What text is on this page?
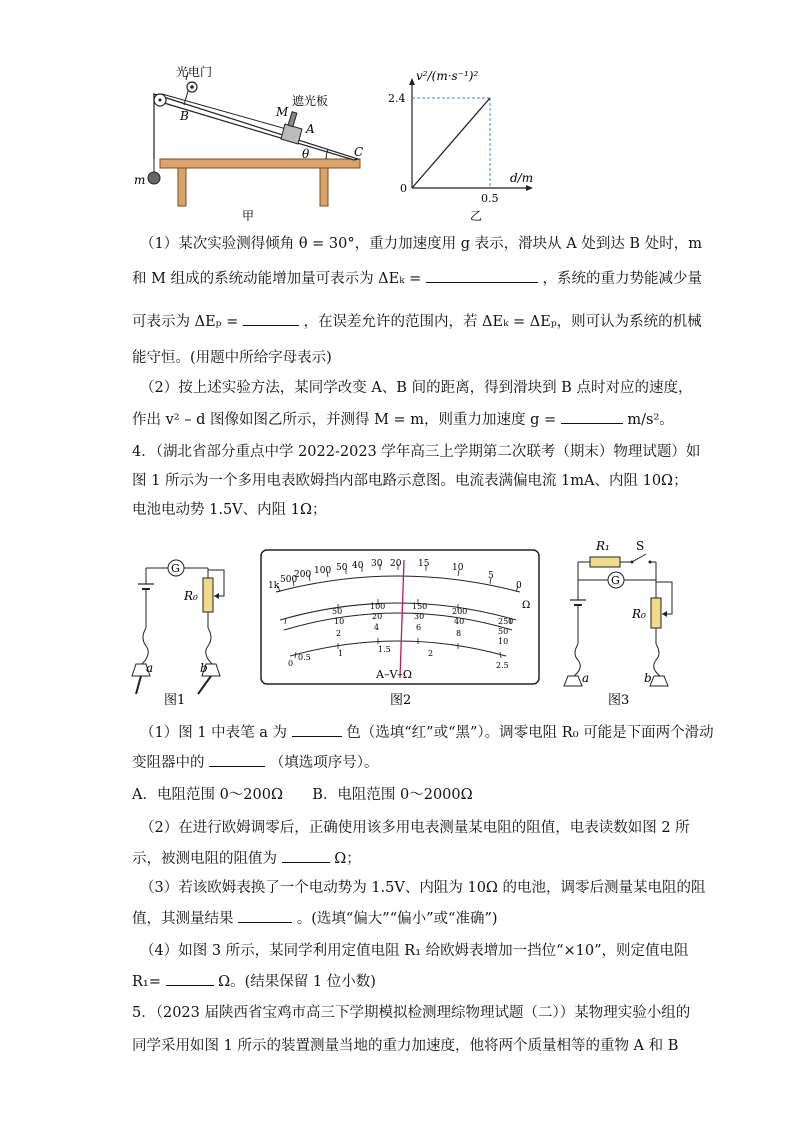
光电门
遮光板
M
A
B
C
θ
m
甲
v²/(m·s⁻¹)²
d/m
2.4
0.5
0
乙
（1）某次实验测得倾角 θ = 30°，重力加速度用 g 表示，滑块从 A 处到达 B 处时，m
和 M 组成的系统动能增加量可表示为 ΔEₖ =	，系统的重力势能减少量
可表示为 ΔEₚ =	，在误差允许的范围内，若 ΔEₖ = ΔEₚ，则可认为系统的机械
能守恒。(用题中所给字母表示)
（2）按上述实验方法，某同学改变 A、B 间的距离，得到滑块到 B 点时对应的速度，
作出 v² – d 图像如图乙所示，并测得 M = m，则重力加速度 g =	m/s²。
4．（湖北省部分重点中学 2022-2023 学年高三上学期第二次联考（期末）物理试题）如
图 1 所示为一个多用电表欧姆挡内部电路示意图。电流表满偏电流 1mA、内阻 10Ω；
电池电动势 1.5V、内阻 1Ω；
G
R₀
a	b
图1
1k
500
200 100 50 40 30 20 15	10
5
0
Ω
50
100	150
200
250
10
20	30
40
50
2
4	6
8
10
0
0.5	1	1.5	2
2.5
A–V–Ω
图2
R₁ S
G
R₀
a	b
图3
（1）图 1 中表笔 a 为	色（选填“红”或“黑”）。调零电阻 R₀ 可能是下面两个滑动
变阻器中的	（填选项序号）。
A．电阻范围 0～200Ω B．电阻范围 0～2000Ω
（2）在进行欧姆调零后，正确使用该多用电表测量某电阻的阻值，电表读数如图 2 所
示，被测电阻的阻值为	Ω；
（3）若该欧姆表换了一个电动势为 1.5V、内阻为 10Ω 的电池，调零后测量某电阻的阻
值，其测量结果	。(选填“偏大”“偏小”或“准确”)
（4）如图 3 所示，某同学利用定值电阻 R₁ 给欧姆表增加一挡位“×10”，则定值电阻
R₁=	Ω。(结果保留 1 位小数)
5．（2023 届陕西省宝鸡市高三下学期模拟检测理综物理试题（二））某物理实验小组的
同学采用如图 1 所示的装置测量当地的重力加速度，他将两个质量相等的重物 A 和 B
